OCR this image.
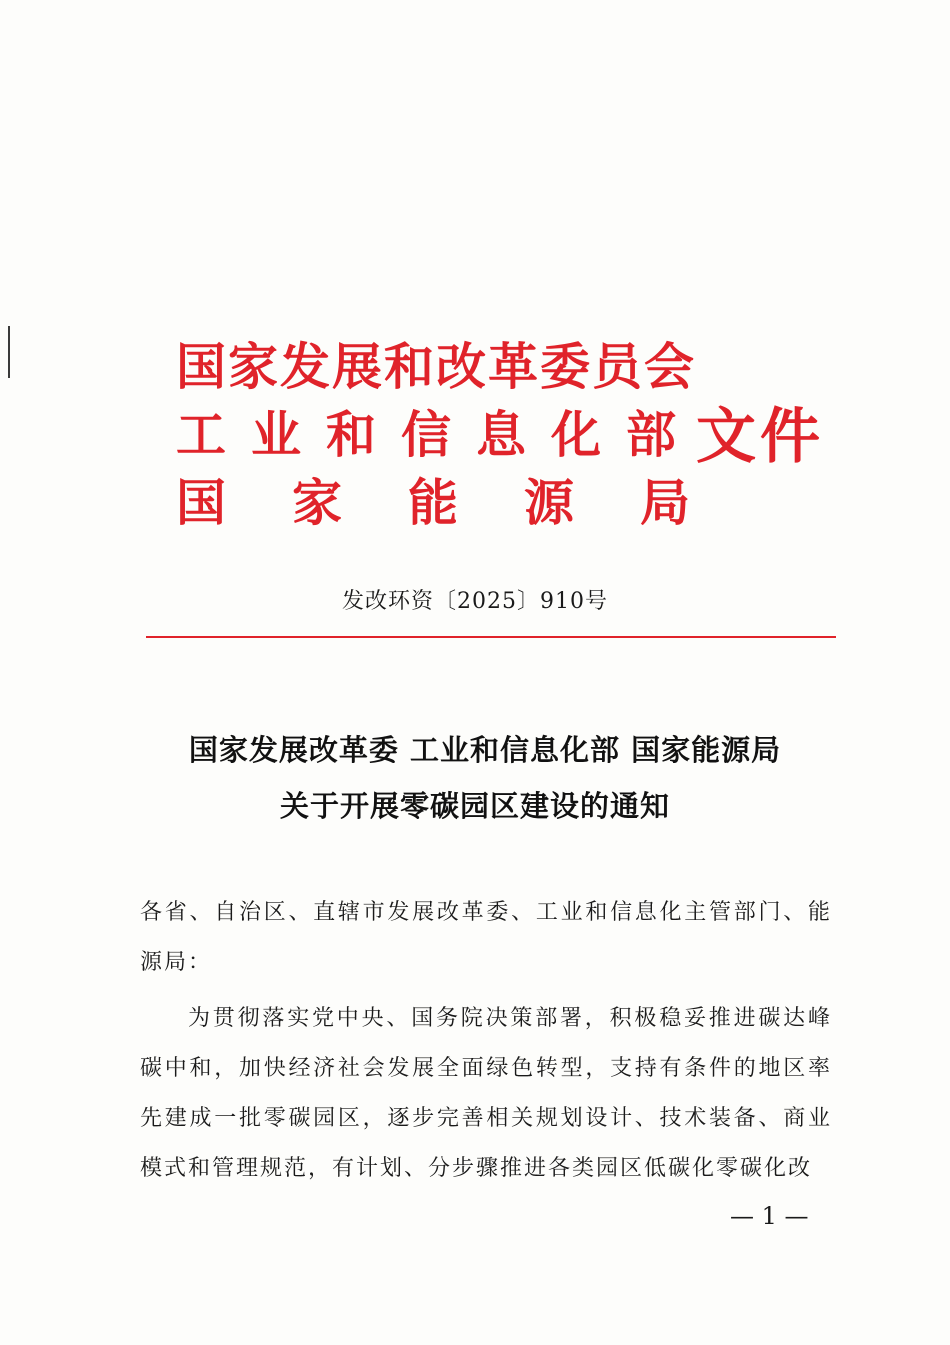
国家发展和改革委员会
工业和信息化部
国家能源局
文件
发改环资〔2025〕910号
国家发展改革委 工业和信息化部 国家能源局
关于开展零碳园区建设的通知

各省、自治区、直辖市发展改革委、工业和信息化主管部门、能源局：

为贯彻落实党中央、国务院决策部署，积极稳妥推进碳达峰碳中和，加快经济社会发展全面绿色转型，支持有条件的地区率先建成一批零碳园区，逐步完善相关规划设计、技术装备、商业模式和管理规范，有计划、分步骤推进各类园区低碳化零碳化改

— 1 —
